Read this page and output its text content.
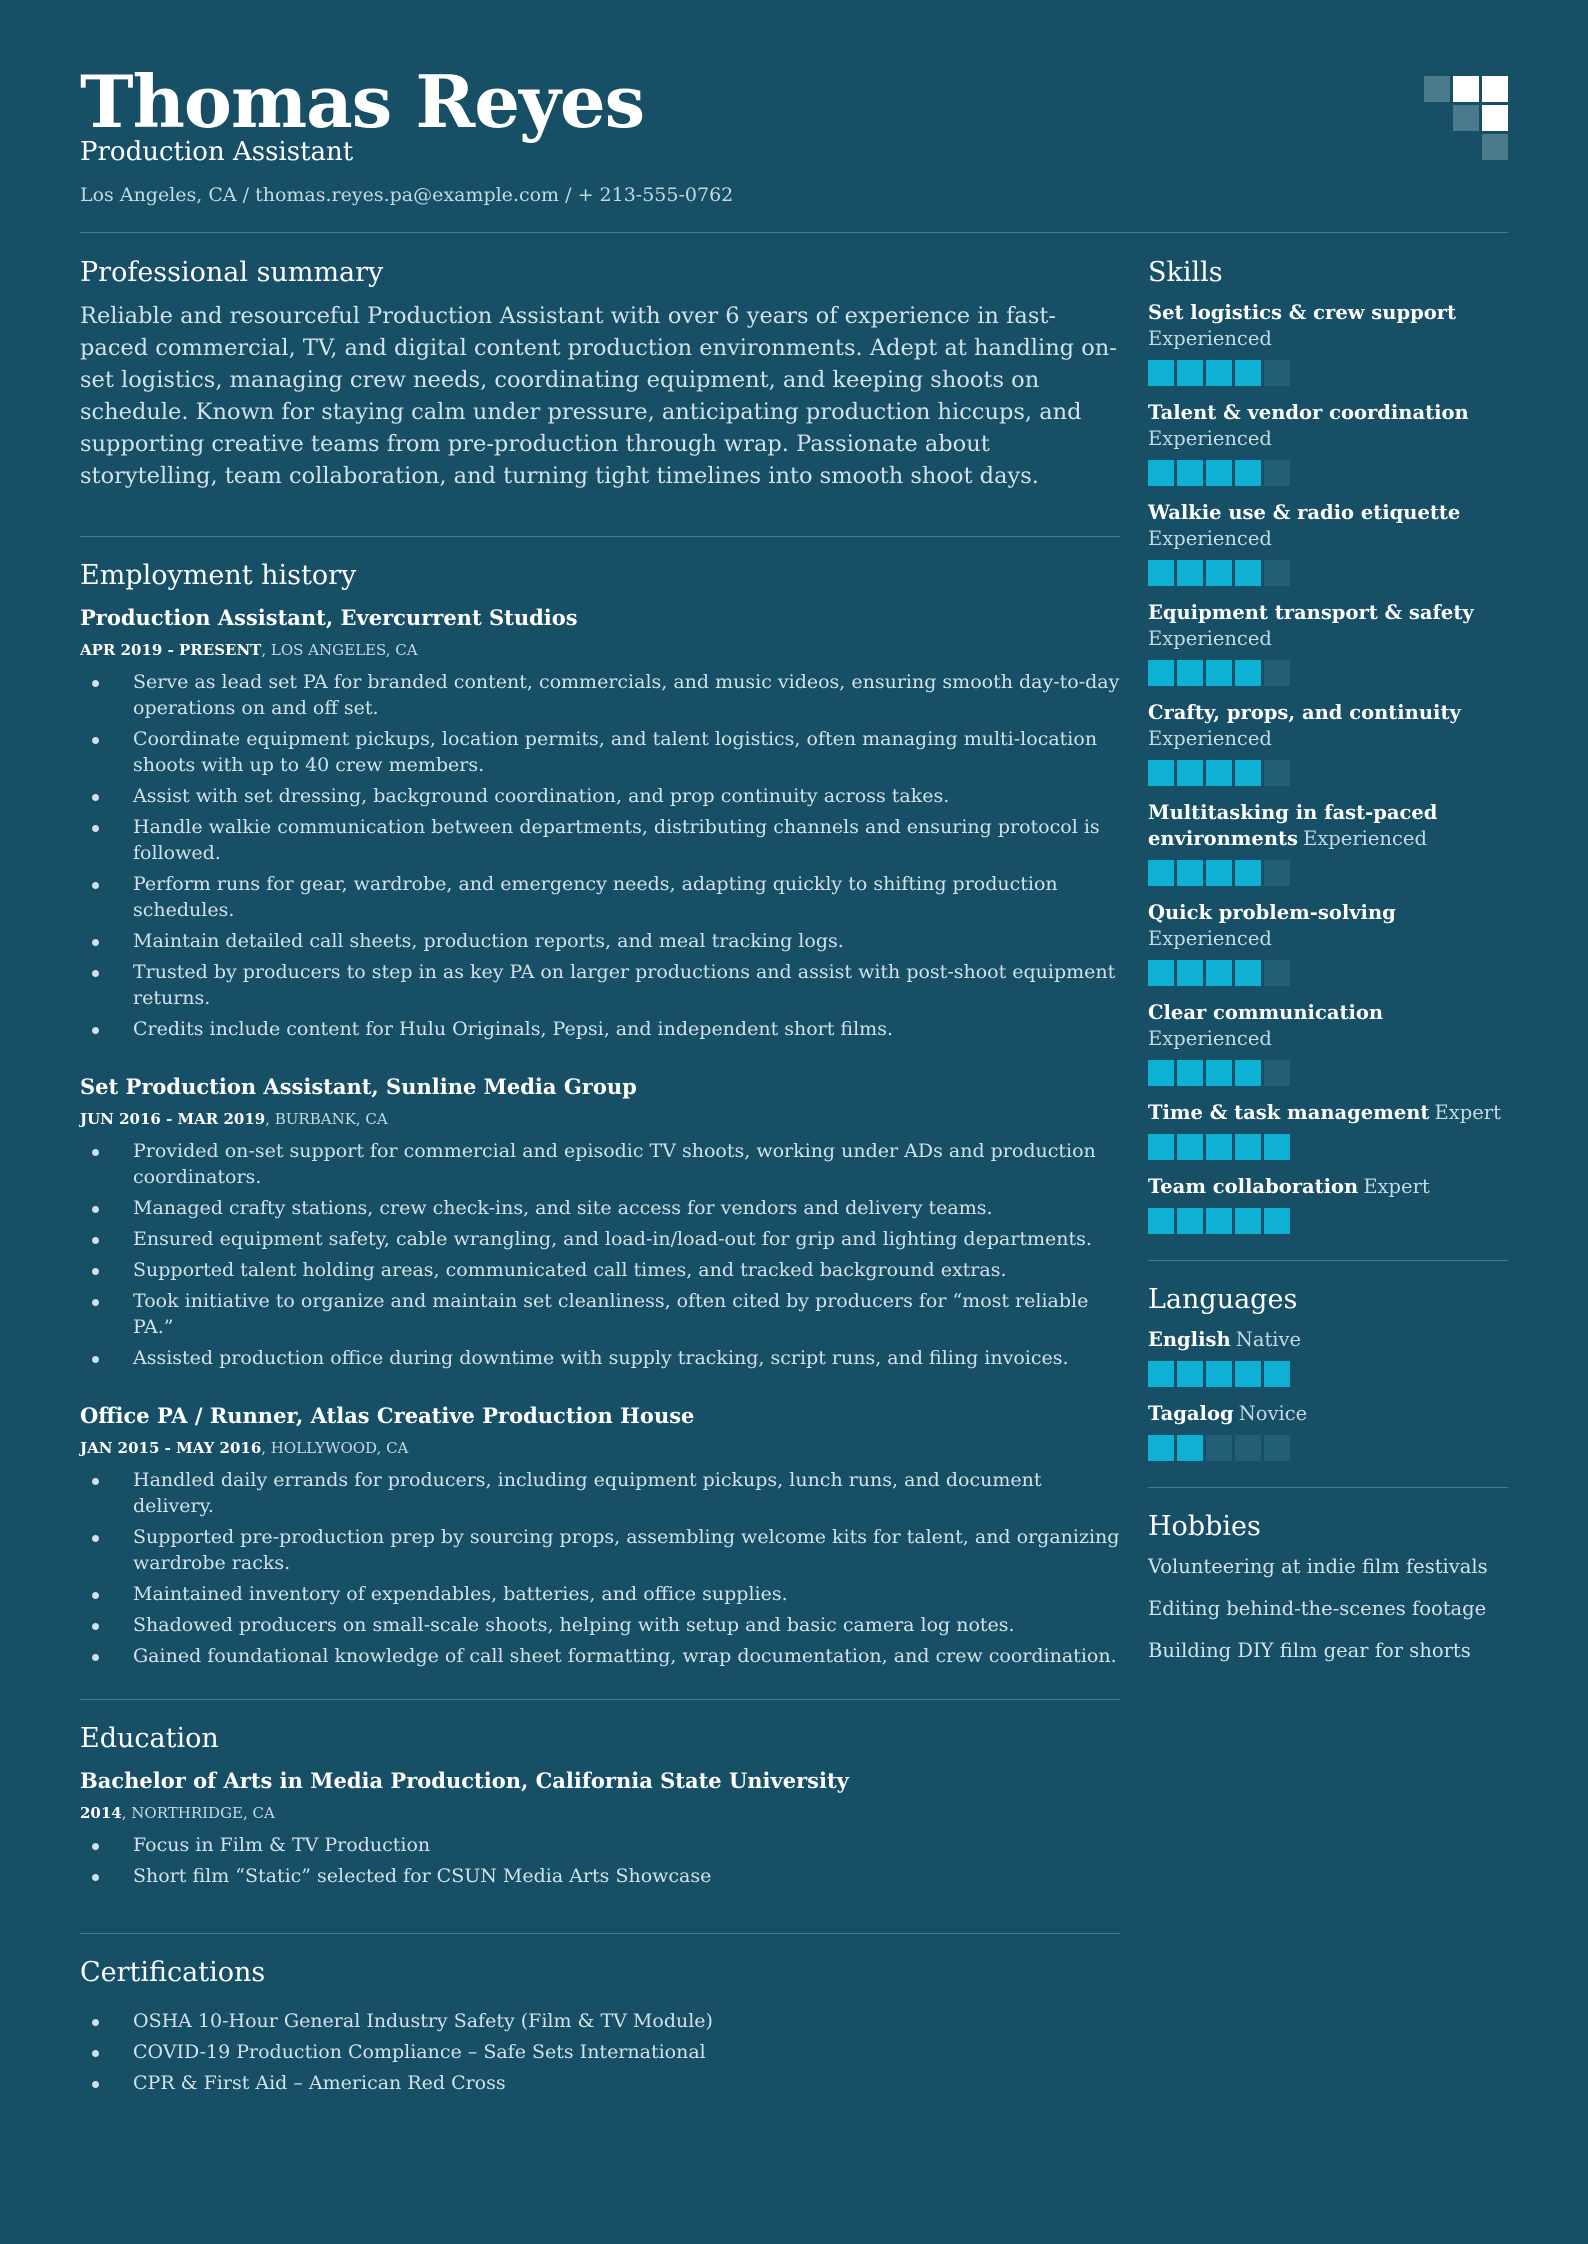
Thomas Reyes
Production Assistant
Los Angeles, CA / thomas.reyes.pa@example.com / + 213-555-0762
Professional summary

Reliable and resourceful Production Assistant with over 6 years of experience in fast-paced commercial, TV, and digital content production environments. Adept at handling on-set logistics, managing crew needs, coordinating equipment, and keeping shoots on schedule. Known for staying calm under pressure, anticipating production hiccups, and supporting creative teams from pre-production through wrap. Passionate about storytelling, team collaboration, and turning tight timelines into smooth shoot days.

Employment history
Production Assistant, Evercurrent Studios
APR 2019 - PRESENT, LOS ANGELES, CA
Serve as lead set PA for branded content, commercials, and music videos, ensuring smooth day-to-day operations on and off set.
Coordinate equipment pickups, location permits, and talent logistics, often managing multi-location shoots with up to 40 crew members.
Assist with set dressing, background coordination, and prop continuity across takes.
Handle walkie communication between departments, distributing channels and ensuring protocol is followed.
Perform runs for gear, wardrobe, and emergency needs, adapting quickly to shifting production schedules.
Maintain detailed call sheets, production reports, and meal tracking logs.
Trusted by producers to step in as key PA on larger productions and assist with post-shoot equipment returns.
Credits include content for Hulu Originals, Pepsi, and independent short films.
Set Production Assistant, Sunline Media Group
JUN 2016 - MAR 2019, BURBANK, CA
Provided on-set support for commercial and episodic TV shoots, working under ADs and production coordinators.
Managed crafty stations, crew check-ins, and site access for vendors and delivery teams.
Ensured equipment safety, cable wrangling, and load-in/load-out for grip and lighting departments.
Supported talent holding areas, communicated call times, and tracked background extras.
Took initiative to organize and maintain set cleanliness, often cited by producers for “most reliable PA.”
Assisted production office during downtime with supply tracking, script runs, and filing invoices.
Office PA / Runner, Atlas Creative Production House
JAN 2015 - MAY 2016, HOLLYWOOD, CA
Handled daily errands for producers, including equipment pickups, lunch runs, and document delivery.
Supported pre-production prep by sourcing props, assembling welcome kits for talent, and organizing wardrobe racks.
Maintained inventory of expendables, batteries, and office supplies.
Shadowed producers on small-scale shoots, helping with setup and basic camera log notes.
Gained foundational knowledge of call sheet formatting, wrap documentation, and crew coordination.
Education
Bachelor of Arts in Media Production, California State University
2014, NORTHRIDGE, CA
Focus in Film & TV Production
Short film “Static” selected for CSUN Media Arts Showcase
Certifications
OSHA 10-Hour General Industry Safety (Film & TV Module)
COVID-19 Production Compliance – Safe Sets International
CPR & First Aid – American Red Cross
Skills
Set logistics & crew support
Experienced
Talent & vendor coordination
Experienced
Walkie use & radio etiquette
Experienced
Equipment transport & safety
Experienced
Crafty, props, and continuity
Experienced
Multitasking in fast-paced environments Experienced
Quick problem-solving Experienced
Clear communication Experienced
Time & task management Expert
Team collaboration Expert
Languages
English Native
Tagalog Novice
Hobbies
Volunteering at indie film festivals
Editing behind-the-scenes footage
Building DIY film gear for shorts
